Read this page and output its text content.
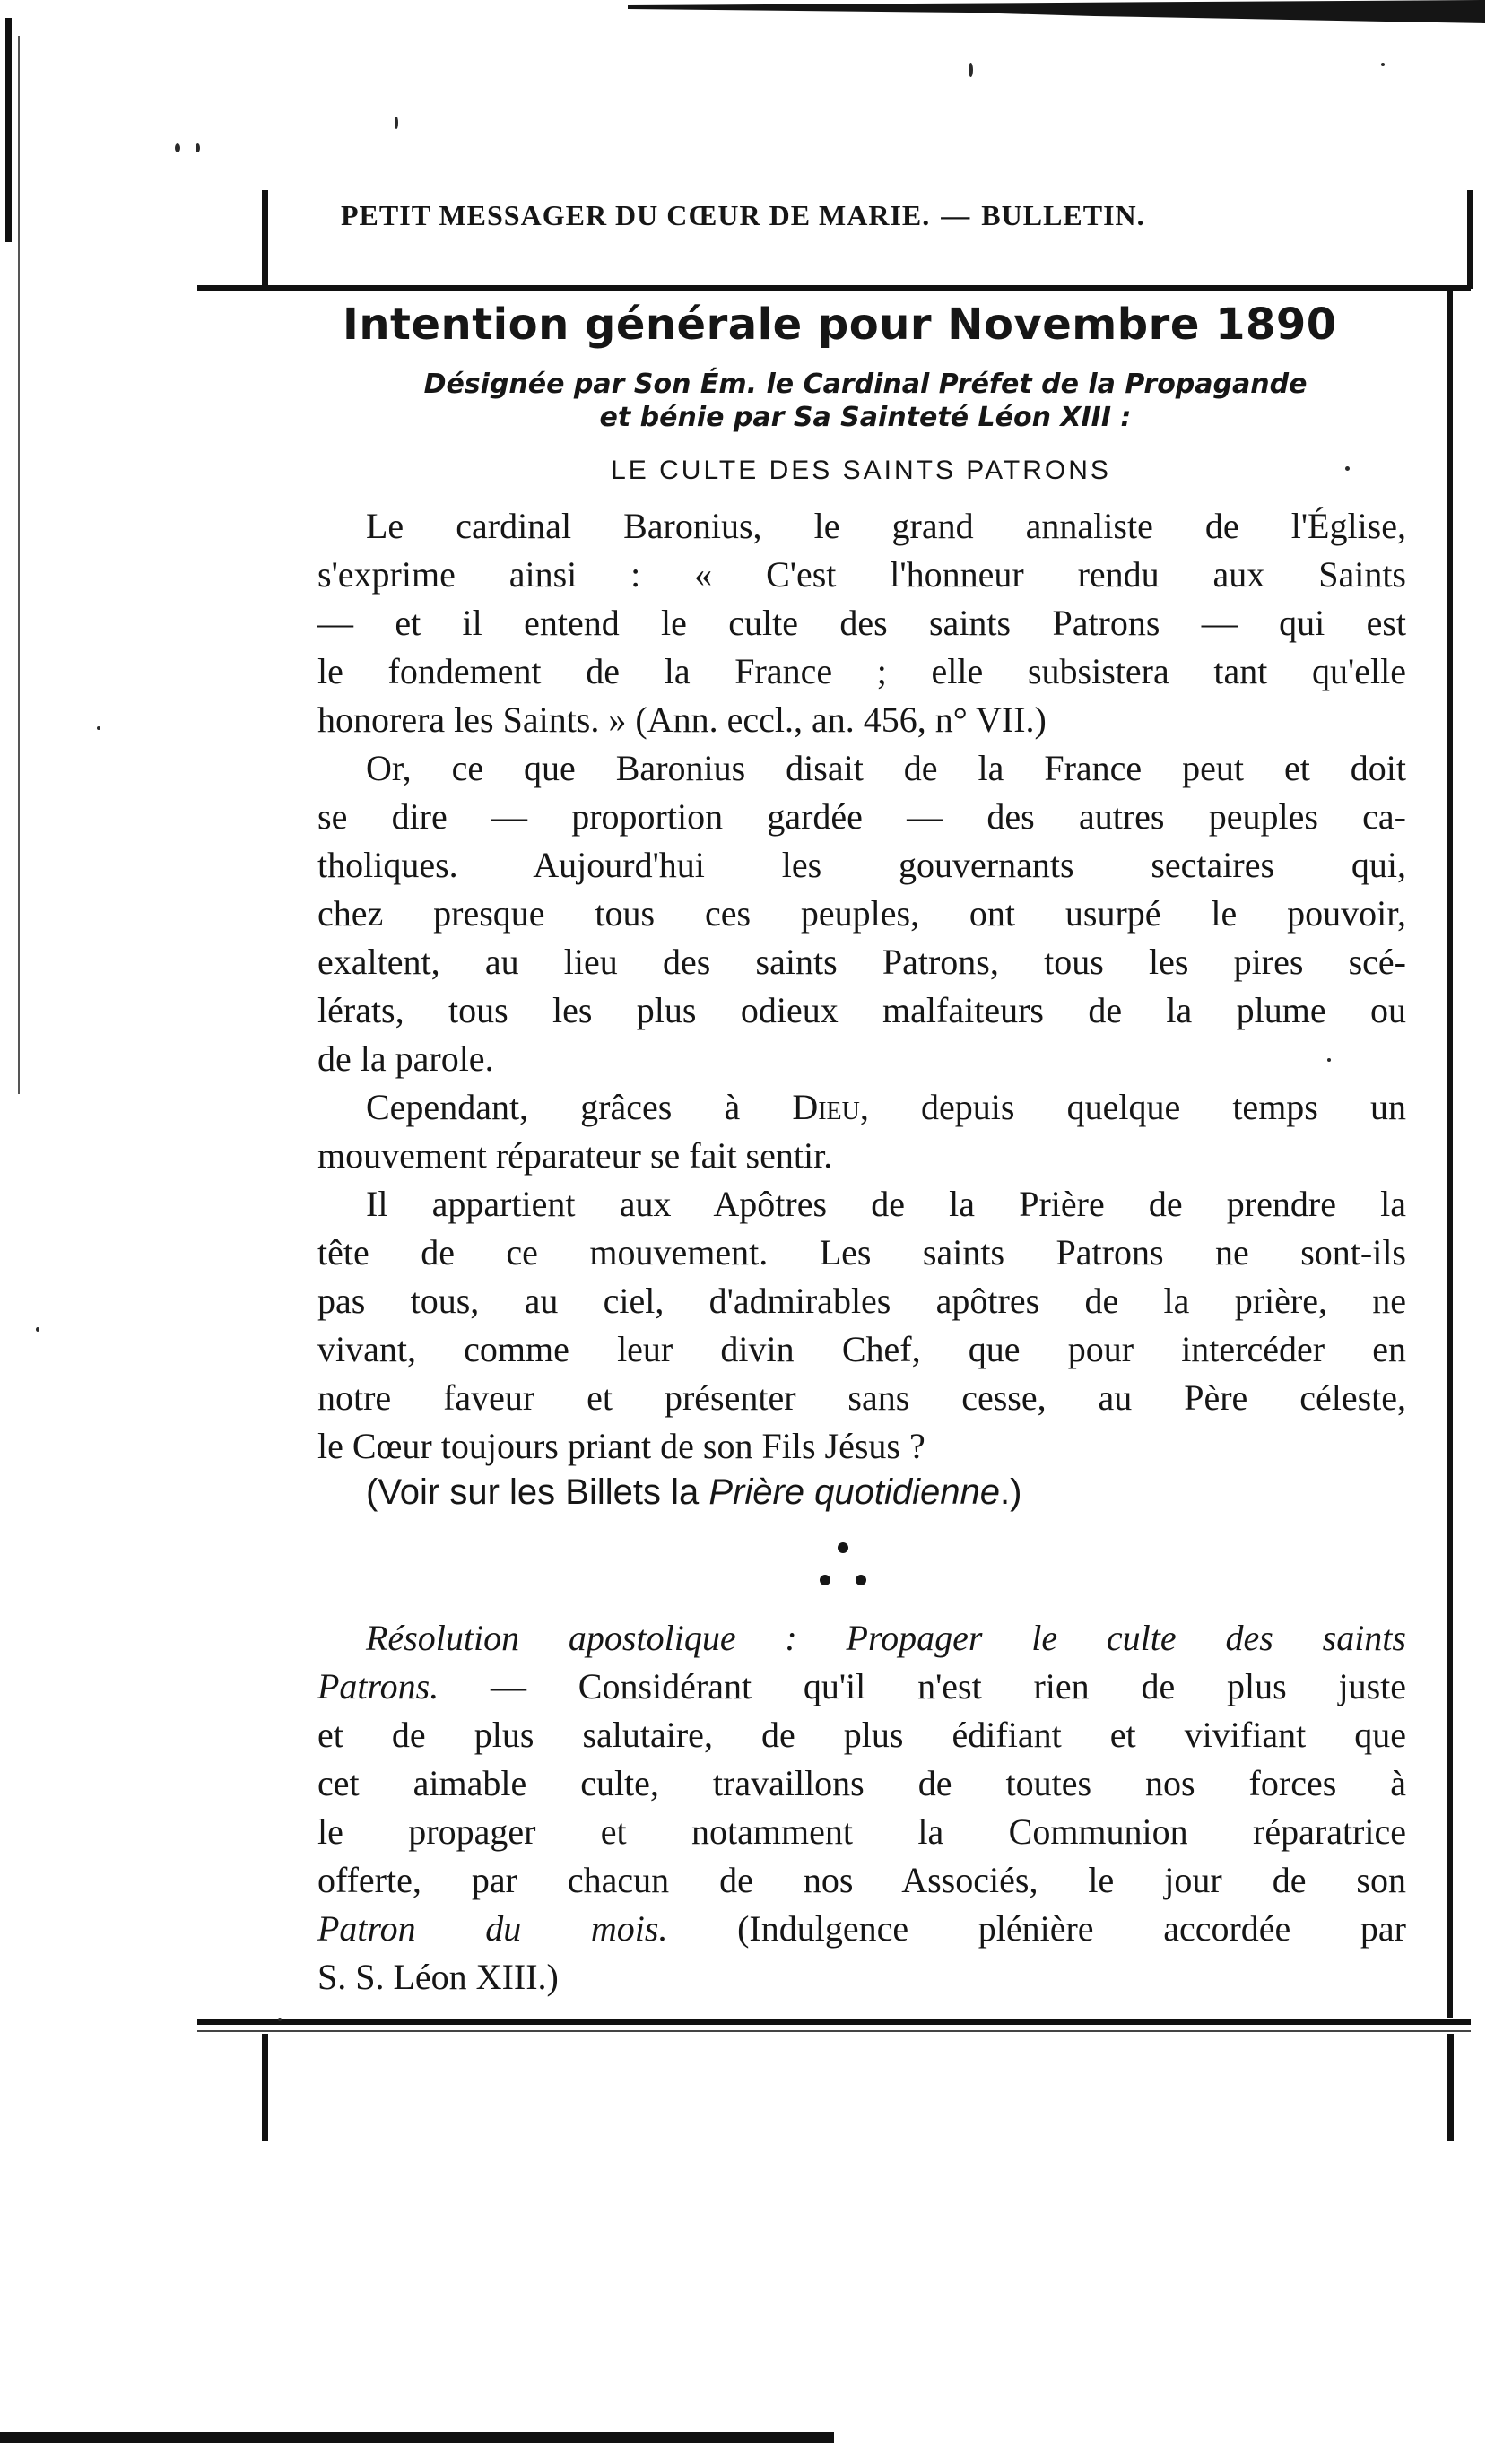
PETIT MESSAGER DU CŒUR DE MARIE. — BULLETIN.
Intention générale pour Novembre 1890
Désignée par Son Ém. le Cardinal Préfet de la Propagande
et bénie par Sa Sainteté Léon XIII :
LE CULTE DES SAINTS PATRONS
Le cardinal Baronius, le grand annaliste de l'Église,
s'exprime ainsi : « C'est l'honneur rendu aux Saints
— et il entend le culte des saints Patrons — qui est
le fondement de la France ; elle subsistera tant qu'elle
honorera les Saints. » (Ann. eccl., an. 456, n° VII.)
Or, ce que Baronius disait de la France peut et doit
se dire — proportion gardée — des autres peuples ca-
tholiques. Aujourd'hui les gouvernants sectaires qui,
chez presque tous ces peuples, ont usurpé le pouvoir,
exaltent, au lieu des saints Patrons, tous les pires scé-
lérats, tous les plus odieux malfaiteurs de la plume ou
de la parole.
Cependant, grâces à Dieu, depuis quelque temps un
mouvement réparateur se fait sentir.
Il appartient aux Apôtres de la Prière de prendre la
tête de ce mouvement. Les saints Patrons ne sont-ils
pas tous, au ciel, d'admirables apôtres de la prière, ne
vivant, comme leur divin Chef, que pour intercéder en
notre faveur et présenter sans cesse, au Père céleste,
le Cœur toujours priant de son Fils Jésus ?
(Voir sur les Billets la Prière quotidienne.)
Résolution apostolique : Propager le culte des saints
Patrons. — Considérant qu'il n'est rien de plus juste
et de plus salutaire, de plus édifiant et vivifiant que
cet aimable culte, travaillons de toutes nos forces à
le propager et notamment la Communion réparatrice
offerte, par chacun de nos Associés, le jour de son
Patron du mois. (Indulgence plénière accordée par
S. S. Léon XIII.)
